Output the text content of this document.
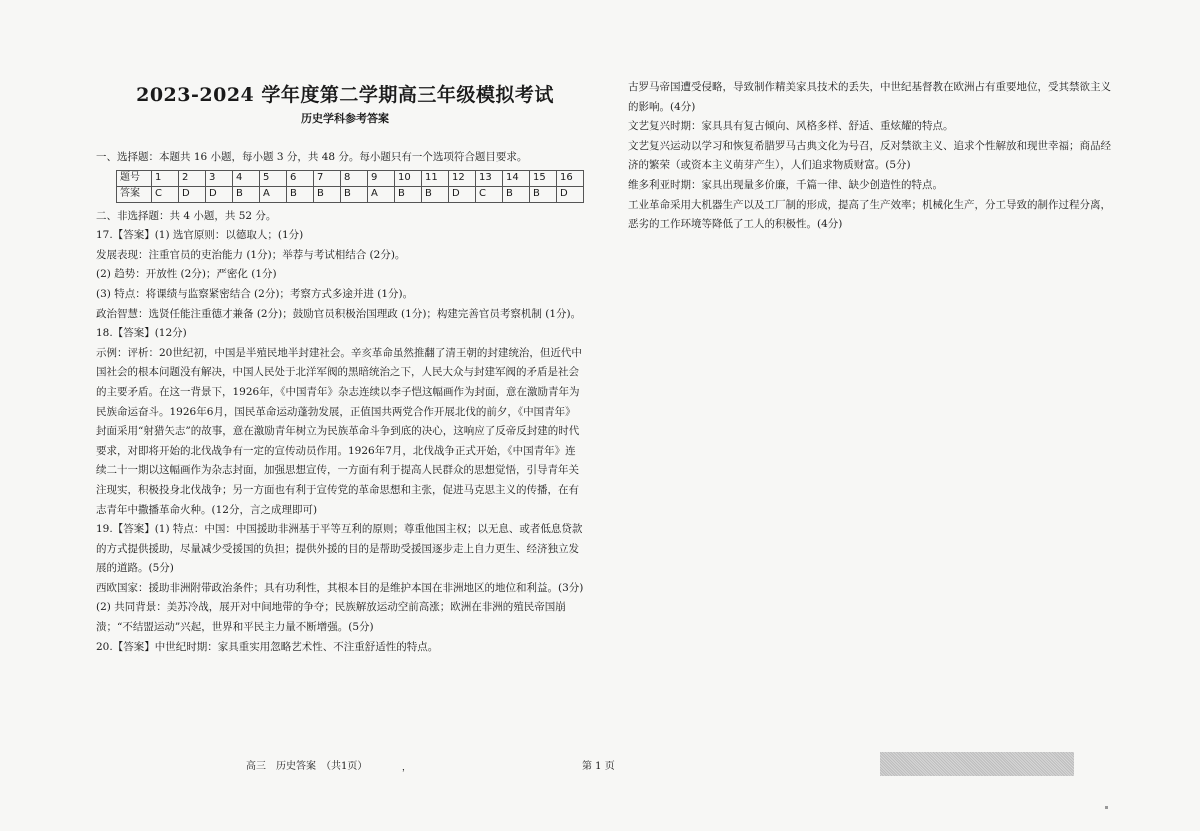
2023-2024 学年度第二学期高三年级模拟考试
历史学科参考答案

一、选择题：本题共 16 小题，每小题 3 分，共 48 分。每小题只有一个选项符合题目要求。

题号	1	2	3	4	5	6	7	8	9	10	11	12	13	14	15	16
答案	C	D	D	B	A	B	B	B	A	B	B	D	C	B	B	D

二、非选择题：共 4 小题，共 52 分。

17.【答案】(1) 选官原则：以德取人；(1分)

发展表现：注重官员的吏治能力 (1分)；举荐与考试相结合 (2分)。

(2) 趋势：开放性 (2分)；严密化 (1分)

(3) 特点：将课绩与监察紧密结合 (2分)；考察方式多途并进 (1分)。

政治智慧：选贤任能注重德才兼备 (2分)；鼓励官员积极治国理政 (1分)；构建完善官员考察机制 (1分)。

18.【答案】(12分)

示例：评析：20世纪初，中国是半殖民地半封建社会。辛亥革命虽然推翻了清王朝的封建统治，但近代中国社会的根本问题没有解决，中国人民处于北洋军阀的黑暗统治之下，人民大众与封建军阀的矛盾是社会的主要矛盾。在这一背景下，1926年，《中国青年》杂志连续以李子恺这幅画作为封面，意在激励青年为民族命运奋斗。1926年6月，国民革命运动蓬勃发展，正值国共两党合作开展北伐的前夕，《中国青年》封面采用“射猎矢志”的故事，意在激励青年树立为民族革命斗争到底的决心，这响应了反帝反封建的时代要求，对即将开始的北伐战争有一定的宣传动员作用。1926年7月，北伐战争正式开始，《中国青年》连续二十一期以这幅画作为杂志封面，加强思想宣传，一方面有利于提高人民群众的思想觉悟，引导青年关注现实，积极投身北伐战争；另一方面也有利于宣传党的革命思想和主张，促进马克思主义的传播，在有志青年中撒播革命火种。(12分，言之成理即可)

19.【答案】(1) 特点：中国：中国援助非洲基于平等互利的原则；尊重他国主权；以无息、或者低息贷款的方式提供援助，尽量减少受援国的负担；提供外援的目的是帮助受援国逐步走上自力更生、经济独立发展的道路。(5分)

西欧国家：援助非洲附带政治条件；具有功利性，其根本目的是维护本国在非洲地区的地位和利益。(3分)

(2) 共同背景：美苏冷战，展开对中间地带的争夺；民族解放运动空前高涨；欧洲在非洲的殖民帝国崩溃；“不结盟运动”兴起，世界和平民主力量不断增强。(5分)

20.【答案】中世纪时期：家具重实用忽略艺术性、不注重舒适性的特点。

古罗马帝国遭受侵略，导致制作精美家具技术的丢失，中世纪基督教在欧洲占有重要地位，受其禁欲主义的影响。(4分)

文艺复兴时期：家具具有复古倾向、风格多样、舒适、重炫耀的特点。

文艺复兴运动以学习和恢复希腊罗马古典文化为号召，反对禁欲主义、追求个性解放和现世幸福；商品经济的繁荣（或资本主义萌芽产生），人们追求物质财富。(5分)

维多利亚时期：家具出现量多价廉，千篇一律、缺少创造性的特点。

工业革命采用大机器生产以及工厂制的形成，提高了生产效率；机械化生产，分工导致的制作过程分离，恶劣的工作环境等降低了工人的积极性。(4分)

高三　历史答案　（共1页）	，	第 1 页
